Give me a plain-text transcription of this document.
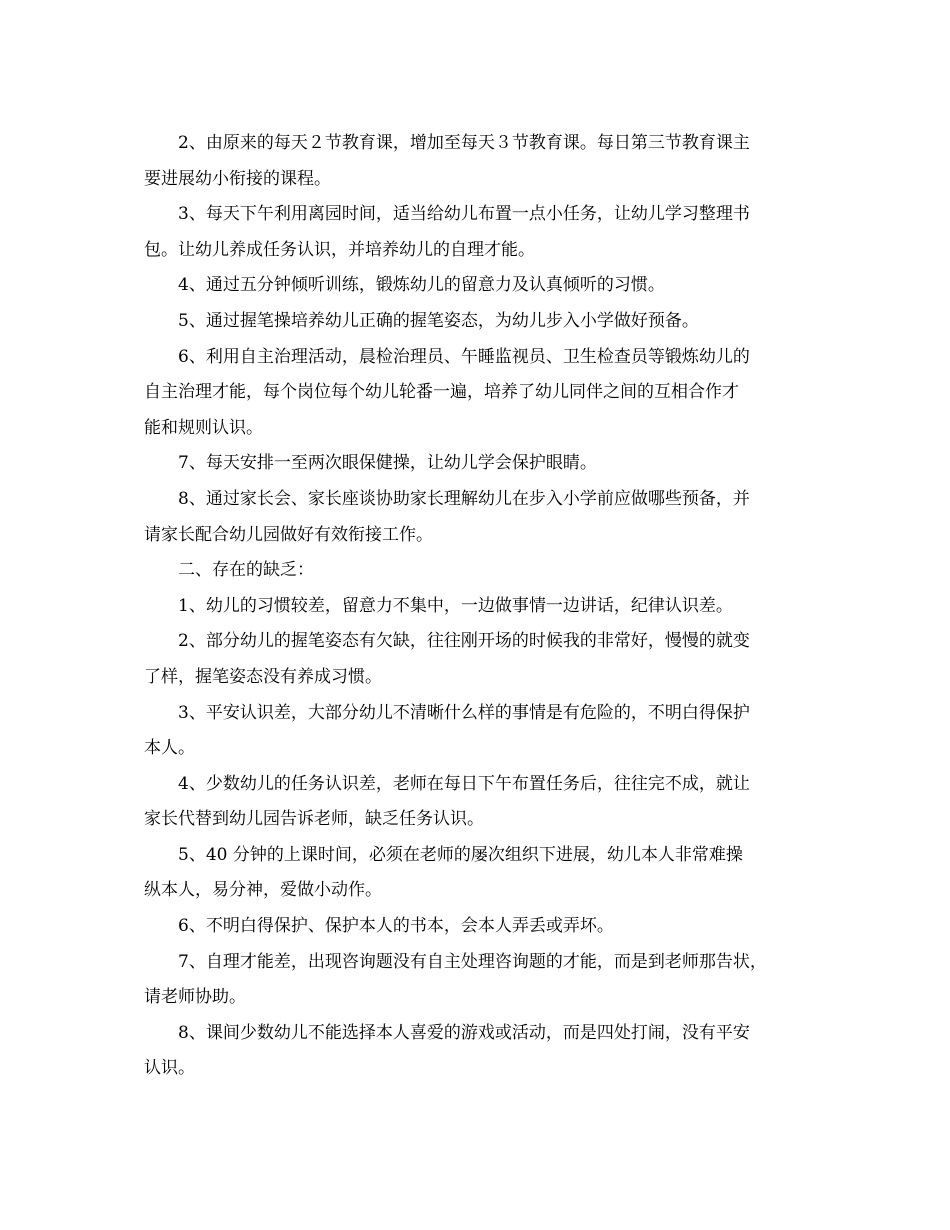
2、由原来的每天２节教育课，增加至每天３节教育课。每日第三节教育课主
要进展幼小衔接的课程。

3、每天下午利用离园时间，适当给幼儿布置一点小任务，让幼儿学习整理书
包。让幼儿养成任务认识，并培养幼儿的自理才能。

4、通过五分钟倾听训练，锻炼幼儿的留意力及认真倾听的习惯。

5、通过握笔操培养幼儿正确的握笔姿态，为幼儿步入小学做好预备。

6、利用自主治理活动，晨检治理员、午睡监视员、卫生检查员等锻炼幼儿的
自主治理才能，每个岗位每个幼儿轮番一遍，培养了幼儿同伴之间的互相合作才
能和规则认识。

7、每天安排一至两次眼保健操，让幼儿学会保护眼睛。

8、通过家长会、家长座谈协助家长理解幼儿在步入小学前应做哪些预备，并
请家长配合幼儿园做好有效衔接工作。

二、存在的缺乏：

1、幼儿的习惯较差，留意力不集中，一边做事情一边讲话，纪律认识差。

2、部分幼儿的握笔姿态有欠缺，往往刚开场的时候我的非常好，慢慢的就变
了样，握笔姿态没有养成习惯。

3、平安认识差，大部分幼儿不清晰什么样的事情是有危险的，不明白得保护
本人。

4、少数幼儿的任务认识差，老师在每日下午布置任务后，往往完不成，就让
家长代替到幼儿园告诉老师，缺乏任务认识。

5、40 分钟的上课时间，必须在老师的屡次组织下进展，幼儿本人非常难操
纵本人，易分神，爱做小动作。

6、不明白得保护、保护本人的书本，会本人弄丢或弄坏。

7、自理才能差，出现咨询题没有自主处理咨询题的才能，而是到老师那告状，
请老师协助。

8、课间少数幼儿不能选择本人喜爱的游戏或活动，而是四处打闹，没有平安
认识。
